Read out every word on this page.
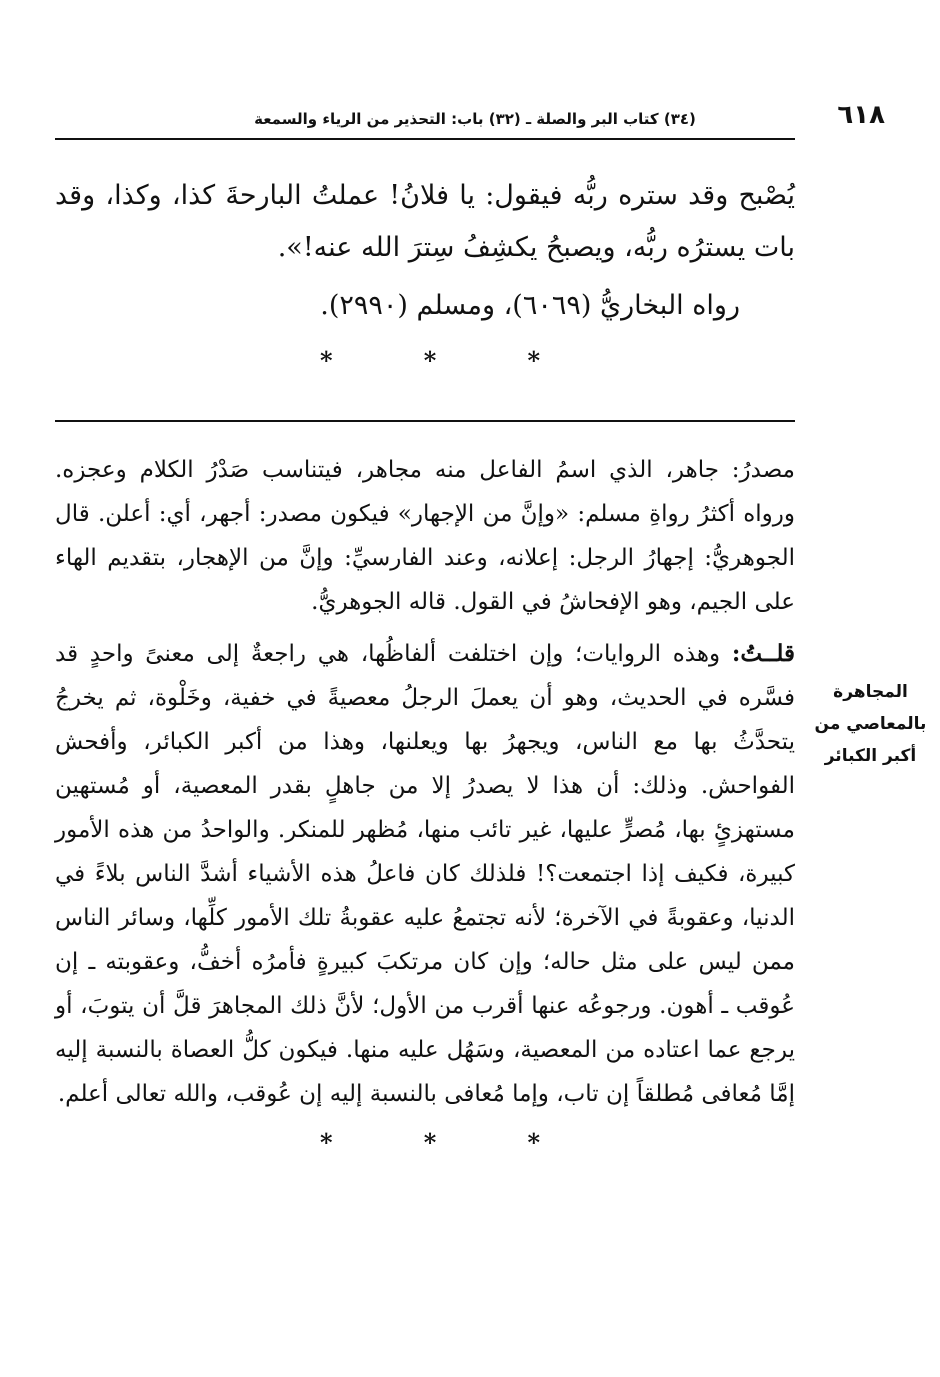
٦١٨
(٣٤) كتاب البر والصلة ـ (٣٢) باب: التحذير من الرياء والسمعة
يُصْبح وقد ستره ربُّه فيقول: يا فلانُ! عملتُ البارحةَ كذا، وكذا، وقد بات يسترُه ربُّه، ويصبحُ يكشِفُ سِترَ الله عنه!».
رواه البخاريُّ (٦٠٦٩)، ومسلم (٢٩٩٠).
*	*	*

مصدرُ: جاهر، الذي اسمُ الفاعل منه مجاهر، فيتناسب صَدْرُ الكلام وعجزه. ورواه أكثرُ رواةِ مسلم: «وإنَّ من الإجهار» فيكون مصدر: أجهر، أي: أعلن. قال الجوهريُّ: إجهارُ الرجل: إعلانه، وعند الفارسيِّ: وإنَّ من الإهجار، بتقديم الهاء على الجيم، وهو الإفحاشُ في القول. قاله الجوهريُّ.

قلــتُ: وهذه الروايات؛ وإن اختلفت ألفاظُها، هي راجعةٌ إلى معنىً واحدٍ قد فسَّره في الحديث، وهو أن يعملَ الرجلُ معصيةً في خفية، وخَلْوة، ثم يخرجُ يتحدَّثُ بها مع الناس، ويجهرُ بها ويعلنها، وهذا من أكبر الكبائر، وأفحش الفواحش. وذلك: أن هذا لا يصدرُ إلا من جاهلٍ بقدر المعصية، أو مُستهين مستهزئٍ بها، مُصرٍّ عليها، غير تائب منها، مُظهر للمنكر. والواحدُ من هذه الأمور كبيرة، فكيف إذا اجتمعت؟! فلذلك كان فاعلُ هذه الأشياء أشدَّ الناس بلاءً في الدنيا، وعقوبةً في الآخرة؛ لأنه تجتمعُ عليه عقوبةُ تلك الأمور كلِّها، وسائر الناس ممن ليس على مثل حاله؛ وإن كان مرتكبَ كبيرةٍ فأمرُه أخفُّ، وعقوبته ـ إن عُوقب ـ أهون. ورجوعُه عنها أقرب من الأول؛ لأنَّ ذلك المجاهرَ قلَّ أن يتوبَ، أو يرجع عما اعتاده من المعصية، وسَهُل عليه منها. فيكون كلُّ العصاة بالنسبة إليه إمَّا مُعافى مُطلقاً إن تاب، وإما مُعافى بالنسبة إليه إن عُوقب، والله تعالى أعلم.

المجاهرة
بالمعاصي من
أكبر الكبائر
*	*	*
